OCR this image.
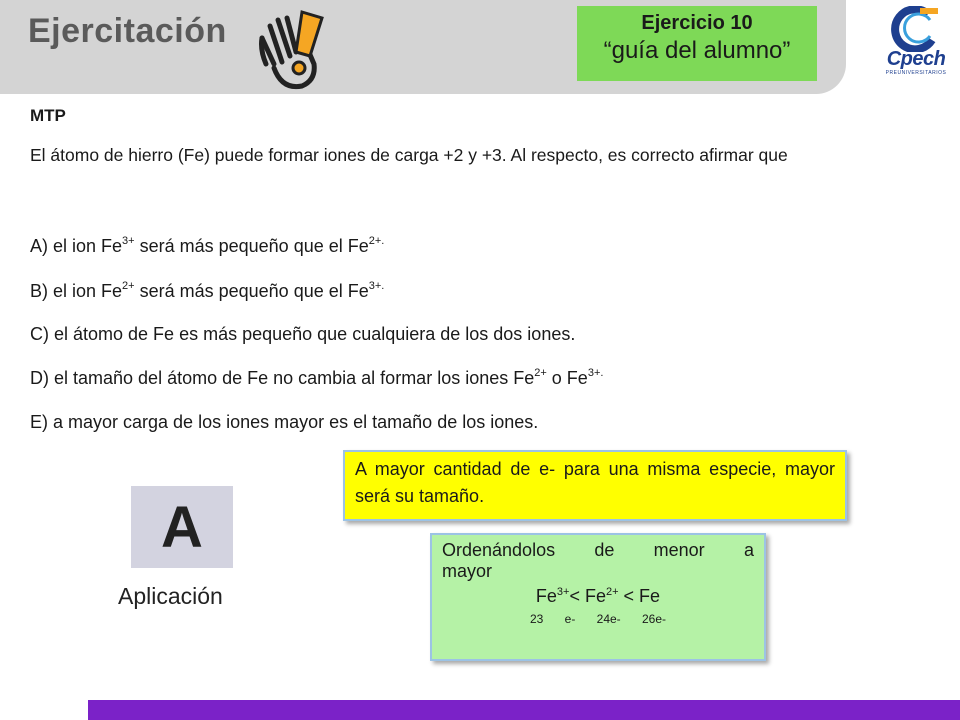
Ejercitación	Ejercicio 10
“guía del alumno”	Cpech
PREUNIVERSITARIOS
MTP
El átomo de hierro (Fe) puede formar iones de carga +2 y +3. Al respecto, es correcto afirmar que
A) el ion $Fe^{3+}$ será más pequeño que el $Fe^{2+.}$
B) el ion $Fe^{2+}$ será más pequeño que el $Fe^{3+.}$
C) el átomo de Fe es más pequeño que cualquiera de los dos iones.
D) el tamaño del átomo de Fe no cambia al formar los iones $Fe^{2+}$ o $Fe^{3+.}$
E) a mayor carga de los iones mayor es el tamaño de los iones.
A
Aplicación
A mayor cantidad de e- para una misma especie, mayor será su tamaño.
Ordenándolos de menor a
mayor
$Fe^{3+}< Fe^{2+} < Fe$
23 e- 24e- 26e-
